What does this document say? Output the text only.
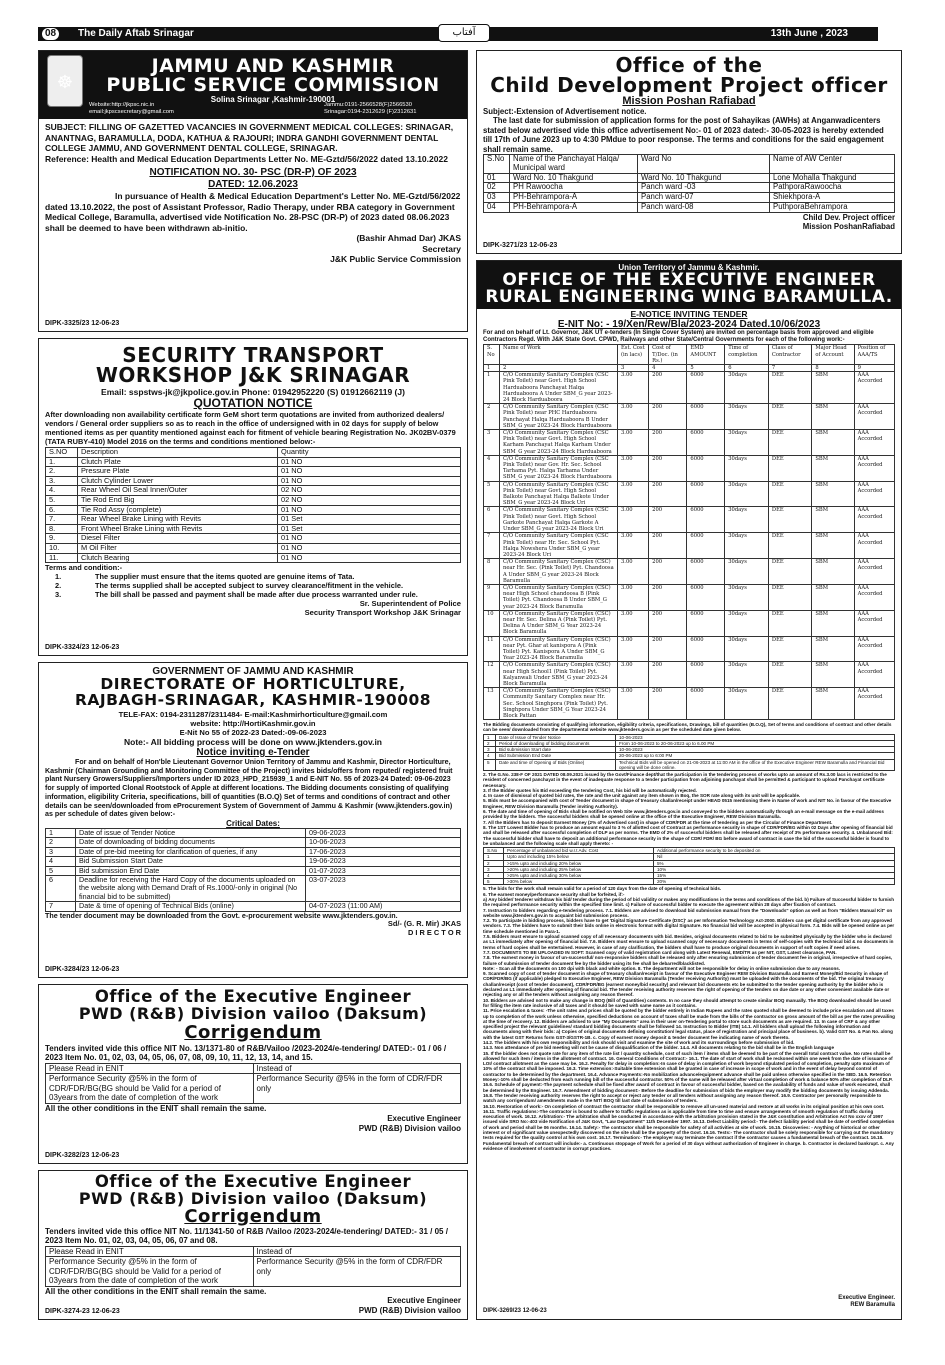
08	The Daily Aftab Srinagar	13th June , 2023
آفتاب
☸
JAMMU AND KASHMIR
PUBLIC SERVICE COMMISSION
Solina Srinagar ,Kashmir-190001
Website:http://jkpsc.nic.in
email:jkpscsecretary@gmail.com
Jammu:0191-2566528(F)2566530
Srinagar:0194-2312629 (F)2312631
SUBJECT: FILLING OF GAZETTED VACANCIES IN GOVERNMENT MEDICAL COLLEGES: SRINAGAR, ANANTNAG, BARAMULLA, DODA, KATHUA & RAJOURI; INDRA GANDHI GOVERNMENT DENTAL COLLEGE JAMMU, AND GOVERNMENT DENTAL COLLEGE, SRINAGAR.
Reference: Health and Medical Education Departments Letter No. ME-Gztd/56/2022 dated 13.10.2022
NOTIFICATION NO. 30- PSC (DR-P) OF 2023
DATED: 12.06.2023
In pursuance of Health & Medical Education Department's Letter No. ME-Gztd/56/2022 dated 13.10.2022, the post of Assistant Professor, Radio Therapy, under RBA category in Government Medical College, Baramulla, advertised vide Notification No. 28-PSC (DR-P) of 2023 dated 08.06.2023 shall be deemed to have been withdrawn ab-initio.
(Bashir Ahmad Dar) JKAS
Secretary
J&K Public Service Commission
DIPK-3325/23 12-06-23
SECURITY TRANSPORT
WORKSHOP J&K SRINAGAR
Email: sspstws-jk@jkpolice.gov.in Phone: 01942952220 (S) 01912662119 (J)
QUOTATION NOTICE
After downloading non availability certificate form GeM short term quotations are invited from authorized dealers/ vendors / General order suppliers so as to reach in the office of undersigned with in 02 days for supply of below mentioned items as per quantity mentioned against each for fitment of vehicle bearing Registration No. JK02BV-0379 (TATA RUBY-410) Model 2016 on the terms and conditions mentioned below:-
S.NO	Description	Quantity
1.	Clutch Plate	01 NO
2.	Pressure Plate	01 NO
3.	Clutch Cylinder Lower	01 NO
4.	Rear Wheel Oil Seal Inner/Outer	02 NO
5.	Tie Rod End Big	02 NO
6.	Tie Rod Assy (complete)	01 NO
7.	Rear Wheel Brake Lining with Revits	01 Set
8.	Front Wheel Brake Lining with Revits	01 Set
9.	Diesel Filter	01 NO
10.	M Oil Filter	01 NO
11.	Clutch Bearing	01 NO
Terms and condition:-
1.	The supplier must ensure that the items quoted are genuine items of Tata.
2.	The terms supplied shall be accepted subject to survey clearance/fitment in the vehicle.
3.	The bill shall be passed and payment shall be made after due process warranted under rule.
Sr. Superintendent of Police
Security Transport Workshop J&K Srinagar
DIPK-3324/23 12-06-23
GOVERNMENT OF JAMMU AND KASHMIR
DIRECTORATE OF HORTICULTURE,
RAJBAGH-SRINAGAR, KASHMIR-190008
TELE-FAX: 0194-2311287/2311484- E-mail:Kashmirhorticulture@gmail.com
website: http://HortiKashmir.gov.in
E-Nit No 55 of 2022-23 Dated:-09-06-2023
Note:- All bidding process will be done on www.jktenders.gov.in
Notice inviting e-Tender
For and on behalf of Hon'ble Lieutenant Governor Union Territory of Jammu and Kashmir, Director Horticulture, Kashmir (Chairman Grounding and Monitoring Committee of the Project) invites bids/offers from reputed/ registered fruit plant Nursery Growers/Suppliers/Importers under ID 2023_HPD_215939_1 and E-NIT No. 55 of 2023-24 Dated: 09-06-2023 for supply of imported Clonal Rootstock of Apple at different locations. The Bidding documents consisting of qualifying information, eligibility Criteria, specifications, bill of quantities (B.O.Q) Set of terms and conditions of contract and other details can be seen/downloaded from eProcurement System of Government of Jammu & Kashmir (www.jktenders.gov.in) as per schedule of dates given below:-
Critical Dates:
1	Date of issue of Tender Notice	09-06-2023
2	Date of downloading of bidding documents	10-06-2023
3	Date of pre-bid meeting for clarification of queries, if any	17-06-2023
4	Bid Submission Start Date	19-06-2023
5	Bid submission End Date	01-07-2023
6	Deadline for receiving the Hard Copy of the documents uploaded on the website along with Demand Draft of Rs.1000/-only in original (No financial bid to be submitted)	03-07-2023
7	Date & time of opening of Technical Bids (online)	04-07-2023 (11:00 AM)
The tender document may be downloaded from the Govt. e-procurement website www.jktenders.gov.in.
Sd/- (G. R. Mir) JKAS
D I R E C T O R
DIPK-3284/23 12-06-23
Office of the Executive Engineer
PWD (R&B) Division vailoo (Daksum)
Corrigendum
Tenders invited vide this office NIT No. 13/1371-80 of R&B/Vailoo /2023-2024/e-tendering/ DATED:- 01 / 06 / 2023 Item No. 01, 02, 03, 04, 05, 06, 07, 08, 09, 10, 11, 12, 13, 14, and 15.
Please Read in ENIT	Instead of
Performance Security @5% in the form of CDR/FDR/BG(BG should be Valid for a period of 03years from the date of completion of the work	Performance Security @5% in the form of CDR/FDR only
All the other conditions in the ENIT shall remain the same.
Executive Engineer
PWD (R&B) Division vailoo
DIPK-3282/23 12-06-23
Office of the Executive Engineer
PWD (R&B) Division vailoo (Daksum)
Corrigendum
Tenders invited vide this office NIT No. 11/1341-50 of R&B /Vailoo /2023-2024/e-tendering/ DATED:- 31 / 05 / 2023 Item No. 01, 02, 03, 04, 05, 06, 07 and 08.
Please Read in ENIT	Instead of
Performance Security @5% in the form of CDR/FDR/BG(BG should be Valid for a period of 03years from the date of completion of the work	Performance Security @5% in the form of CDR/FDR only
All the other conditions in the ENIT shall remain the same.
Executive Engineer
PWD (R&B) Division vailoo
DIPK-3274-23 12-06-23
Office of the
Child Development Project officer
Mission Poshan Rafiabad
Subject:-Extension of Advertisement notice.
The last date for submission of application forms for the post of Sahayikas (AWHs) at Anganwadicenters stated below advertised vide this office advertisement No:- 01 of 2023 dated:- 30-05-2023 is hereby extended till 17th of June 2023 up to 4:30 PMdue to poor response. The terms and conditions for the said engagement shall remain same.
S.No	Name of the Panchayat Halqa/ Municipal ward	Ward No	Name of AW Center
01	Ward No. 10 Thakgund	Ward No. 10 Thakgund	Lone Mohalla Thakgund
02	PH Rawoocha	Panch ward -03	PathporaRawoocha
03	PH-Behrampora-A	Panch ward-07	Shiekhpora-A
04	PH-Behrampora-A	Panch ward-08	PuthporaBehrampora
Child Dev. Project officer
Mission PoshanRafiabad
DIPK-3271/23 12-06-23
Union Territory of Jammu & Kashmir.
OFFICE OF THE EXECUTIVE ENGINEER
RURAL ENGINEERING WING BARAMULLA.
E-NOTICE INVITING TENDER
E-NIT No: - 19/Xen/Rew/Bla/2023-2024 Dated.10/06/2023
For and on behalf of Lt. Governor, J&K UT e-tenders (In Single Cover System) are invited on percentage basis from approved and eligible Contractors Regd. With J&K State Govt. CPWD, Railways and other State/Central Governments for each of the following work:-
S. No	Name of Work	Est. Cost (in lacs)	Cost of T/Doc. (in Rs.)	EMD AMOUNT	Time of completion	Class of Contractor	Major Head of Account	Position of AAA/TS
1	2	3	4	5	6	7	8	9
1	C/O Community Sanitary Complex (CSC Pink Toilet) near Govt. High School Harduaboora Panchayat Halqa Harduaboora A Under SBM_G year 2023-24 Block Harduaboora	3.00	200	6000	30days	DEE	SBM	AAA Accorded
2	C/O Community Sanitary Complex (CSC Pink Toilet) near PHC Harduaboora Panchayat Halqa Harduaboora B Under SBM_G year 2023-24 Block Harduaboora	3.00	200	6000	30days	DEE	SBM	AAA Accorded
3	C/O Community Sanitary Complex (CSC Pink Toilet) near Govt. High School Karham Panchayat Halqa Karham Under SBM_G year 2023-24 Block Harduaboora	3.00	200	6000	30days	DEE	SBM	AAA Accorded
4	C/O Community Sanitary Complex (CSC Pink Toilet) near Gov. Hr. Sec. School Tarhama Pyt. Halqa Tarhama Under SBM_G year 2023-24 Block Harduaboora	3.00	200	6000	30days	DEE	SBM	AAA Accorded
5	C/O Community Sanitary Complex (CSC Pink Toilet) near Govt. High School Balkote Panchayat Halqa Balkote Under SBM_G year 2023-24 Block Uri	3.00	200	6000	30days	DEE	SBM	AAA Accorded
6	C/O Community Sanitary Complex (CSC Pink Toilet) near Govt. High School Garkote Panchayat Halqa Garkote A Under SBM_G year 2023-24 Block Uri	3.00	200	6000	30days	DEE	SBM	AAA Accorded
7	C/O Community Sanitary Complex (CSC Pink Toilet) near Hr. Sec. School Pyt. Halqa Nowshera Under SBM_G year 2023-24 Block Uri	3.00	200	6000	30days	DEE	SBM	AAA Accorded
8	C/O Community Sanitary Complex (CSC) near Hr. Sec. (Pink Toilet) Pyt. Chandoosa A Under SBM_G year 2023-24 Block Baramulla	3.00	200	6000	30days	DEE	SBM	AAA Accorded
9	C/O Community Sanitary Complex (CSC) near High School chandoosa B (Pink Toilet) Pyt. Chandoosa B Under SBM_G year 2023-24 Block Baramulla	3.00	200	6000	30days	DEE	SBM	AAA Accorded
10	C/O Community Sanitary Complex (CSC) near Hr. Sec. Delina A (Pink Toilet) Pyt. Delina A Under SBM_G Year 2023-24 Block Baramulla	3.00	200	6000	30days	DEE	SBM	AAA Accorded
11	C/O Community Sanitary Complex (CSC) near Pyt. Ghar at kanispora A (Pink Toilet) Pyt. Kanispora A Under SBM_G Year 2023-24 Block Baramulla	3.00	200	6000	30days	DEE	SBM	AAA Accorded
12	C/O Community Sanitary Complex (CSC) near High School1 (Pink Toilet) Pyt. Kalyanwali Under SBM_G year 2023-24 Block Baramulla	3.00	200	6000	30days	DEE	SBM	AAA Accorded
13	C/O Community Sanitary Complex (CSC) Community Sanitary Complex near Hr. Sec. School Singhpora (Pink Toilet) Pyt. Singhpora Under SBM_G Year 2023-24 Block Pattan	3.00	200	6000	30days	DEE	SBM	AAA Accorded
The Bidding documents consisting of qualifying information, eligibility criteria, specifications, Drawings, bill of quantities (B.O.Q), Set of terms and conditions of contract and other details can be seen/ downloaded from the departmental website www.jktenders.gov.in as per the scheduled date given below.
1	Date of Issue of Tender Notice	10-06-2023
2	Period of downloading of bidding documents	From 10-06-2023 to 20-06-2023 up to 6.00 PM
3	Bid submission Start date	10-06-2023
4	Bid Submission End Date	20-06-2023 up to 6:00 PM
5	Date and time of Opening of Bids (Online)	Technical Bids will be opened on 21-06-2023 at 11:00 AM in the office of the Executive Engineer REW Baramulla and Financial Bid opening will be done online.
2. The G.No. 238-F OF 2021 DATED 08.09.2021 issued by the Govt/Finance dept/that the participation in the tendering process of works upto an amount of Rs.3.00 lacs is restricted to the resident of concerned panchayat in the event of inadequate response to a tender participation from adjoining panchayat shall be permitted & participant to upload Panchayat certificate necessary.
3. If the Bidder quotes his Bid exceeding the tendering Cost, his bid will be automatically rejected.
4. In case of dismissal of quoted bid rates, the rate and the unit against any item shown in Boq, the SOR rate along with its unit will be applicable.
5. Bids must be accompanied with cost of Tender document in shape of treasury challan/receipt under HEAD 0515 mentioning there in Name of work and NIT No. in favour of the Executive Engineer, REW Division Baramulla (Tender inviting Authority).
6. The date and time of opening of Bids shall be notified on Web Site www.jktenders.gov.in and conveyed to the bidders automatically through an e-mail message on the e-mail address provided by the bidders. The successful bidders shall be opened online at the office of the Executive Engineer, REW Division Baramulla.
7. All the Bidders has to deposit Earnest Money (2% of Advertised cost) in shape of CDR/FDR at the time of tendering as per the Circular of Finance Department.
8. The 1ST Lowest Bidder has to produce an amount equal to 3 % of allotted cost of Contract as performance security in shape of CDR/FDR/BG within 02 Days after opening of financial bid and shall be released after successful completion of DLP as per norms. The EMD of 2% of successful bidders shall be released after receipt of 3% performance security. 4. Unbalanced Bid:
The successful bidder shall have to deposit an additional performance security in the shape of CDR/ FDR/ BG before award of contract in case the bid of the successful bidder is found to be unbalanced and the following scale shall apply thereto: -
S.No	Percentage of unbalanced bid w.r.t Adv. Cost	Additional performance security to be deposited on
1	Upto and including 15% below	Nil
2	>15% upto and including 20% below	5%
3	>20% upto and including 25% below	10%
4	>25% upto and including 30% below	15%
5	>30% below	20%
5. The bids for the work shall remain valid for a period of 120 days from the date of opening of technical bids.
6. The earnest money/performance security shall be forfeited, if:-
a) Any bidder/ tenderer withdraw his bid/ tender during the period of bid validity or makes any modifications in the terms and conditions of the bid. b) Failure of Successful bidder to furnish the required performance security within the specified time limit. c) Failure of successful bidder to execute the agreement within 28 days after fixation of contract.
7. Instruction to bidders regarding e-tendering process. 7.1. Bidders are advised to download bid submission manual from the "Downloads" option as well as from "Bidders Manual Kit" on website www.jktenders.gov.in to acquaint bid submission process.
7.2. To participate in bidding process, bidders have to get 'Digital Signature Certificate (DSC)' as per Information Technology Act-2000. Bidders can get digital certificate from any approved vendors. 7.3. The bidders have to submit their bids online in electronic format with digital Signature. No financial bid will be accepted in physical form. 7.4. Bids will be opened online as per time schedule mentioned in Para-1.
7.5. Bidders must ensure to upload scanned copy of all necessary documents with bid. Besides, original documents related to bid to be submitted physically by the bidder who is declared as L1 immediately after opening of financial bid. 7.6. Bidders must ensure to upload scanned copy of necessary documents in terms of self-copies with the technical bid & no documents in terms of hard copies shall be entertained. However, in case of any clarification, the bidders shall have to produce original documents in support of soft copies if need arises.
7.7. DOCUMENTS TO BE UPLOADED IN SOFT: Scanned copy of valid registration card along with Latest Renewal, EMD/TR as per NIT, GST, Latest clearance, PAN.
7.8. The earnest money in favour of un-successful/ non-responsive bidders shall be released only after ensuring submission of tender document fee in original, irrespective of hard copies, failure of submission of tender document fee by the bidder using its fee shall be debarred/blacklisted.
Note: - Scan all the documents on 100 dpi with black and white option. 8. The department will not be responsible for delay in online submission due to any reasons.
9. Scanned copy of cost of tender document in shape of treasury challan/receipt in favour of the Executive Engineer REW Division Baramulla and Earnest Money/Bid Security in shape of CDR/FDR/BG (if applicable) pledged to Executive Engineer, REW Division Baramulla (Tender receiving Authority) must be uploaded with the documents of the bid. The original treasury challan/receipt (cost of tender document), CDR/FDR/BG (earnest money/bid security) and relevant bid documents etc be submitted to the tender opening authority by the bidder who is declared as L1 immediately after opening of financial bid. The tender receiving authority reserves the right of opening of the tenders on due date or any other convenient available date or rejecting any or all the tenders without assigning any reason thereof.
10. Bidders are advised not to make any change in BOQ (Bill of Quantities) contents. In no case they should attempt to create similar BOQ manually. The BOQ downloaded should be used for filling the item rate inclusive of all taxes and it should be saved with same name as it contains.
11. Price escalation & taxes: -The unit rates and prices shall be quoted by the bidder entirely in Indian Rupees and the rates quoted shall be deemed to include price escalation and all taxes up to completion of the work unless otherwise, specified deductions on account of taxes shall be made from the bills of the contractor on gross amount of the bill as per the rates prevailing at the time of recovery. 12. Bidders are advised to use "My Documents" area in their user on-Tendering portal to store such documents as are required. 13. In case of CRF & any other specified project the relevant guidelines/ standard bidding documents shall be followed 14. Instruction to Bidder (ITB) 14.1. All bidders shall upload the following information and documents along with their bids: a) Copies of original documents defining constitution/ legal status, place of registration and principal place of business. b). Valid GST No. & Pan No. along with the latest GST Returns form GST-3/GSTR-1B. c. Copy of earnest money deposit & tender document fee indicating name of work thereto.
14.2. The bidders with his own responsibility and risk should visit and examine the site of work and its surroundings before submission of bid.
14.3. Non attendance of pre bid meeting will not be cause of disqualification of the bidder. 14.4. All documents relating to the bid shall be in the English language
15. If the bidder does not quote rate for any item of the rate list / quantity schedule, cost of such item / items shall be deemed to be part of the overall total contract value. No rates shall be allowed for such item / items in the allotment of contract. 16. General Conditions of Contract:- 16.1. The date of start of work shall be reckoned within one week from the date of issuance of LOI/ contract allotment as the case may be. 16.2. Penalty for delay in completion:-In case of delay in completion of work beyond stipulated period of completion, penalty upto maximum of 10% of the contract shall be imposed. 16.3. Time extension:-Suitable time extension shall be granted in case of increase in scope of work and in the event of delay beyond control of contractor to be determined by the department. 16.4. Advance Payments:-No mobilization advance/equipment advance shall be paid unless otherwise specified in the SBD. 16.5. Retention Money:-10% shall be deducted from each running bill of the successful contractor. 50% of the same will be released after virtual completion of work & balance 50% after completion of DLP. 16.6. Schedule of payment:-The payment schedule shall be fixed after award of contract in favour of successful bidder, based on the availability of funds and value of work executed, shall be determined by the Engineer. 16.7. Amendment of bidding document:- Before the deadline for submission of bids the employer may modify the bidding documents by issuing Addenda. 16.8. The tender receiving authority reserves the right to accept or reject any tender or all tenders without assigning any reason thereof. 16.9. Contractor per personally responsible to watch any corrigendum/ amendments made in the NIT/ BOQ till last date of submission of tenders.
16.10. Restoration of work:- On completion of contract the contractor shall be responsible to remove all un-used material and restore at all works in its original position at his own cost. 16.11. Traffic regulations:-The contractor is bound to adhere to traffic regulations as is applicable from time to time and ensure arrangements of smooth regulation of traffic during execution of work. 16.12. Arbitration:- The arbitration shall be conducted in accordance with the arbitration provision stated in the J&K constitution and Arbitration Act No xxxv of 1997 issued vide SRO No:-403 vide Notification of J&K Govt, "Law Department" 11th December 1997. 16.13. Defect Liability period:- The defect liability period shall be date of certified completion of work and period shall be 06 months. 16.14. Safety:- The contractor shall be responsible for safety of all activities at site of work. 16.15. Discoveries: - Anything of historical or other interest or of significant value unexpectedly discovered on the site shall be the property of the Govt. 16.16. Tests:- The contractor shall be solely responsible for carrying out the mandatory tests required for the quality control at his own cost. 16.17. Termination:- The employer may terminate the contract if the contractor causes a fundamental breach of the contract. 16.18. Fundamental breach of contract will include:- a. Continuous stoppage of Work for a period of 30 days without authorization of Engineer in charge. b. Contractor is declared bankrupt. c. Any evidence of involvement of contractor in corrupt practices.
Executive Engineer.
REW Baramulla
DIPK-3269/23 12-06-23
